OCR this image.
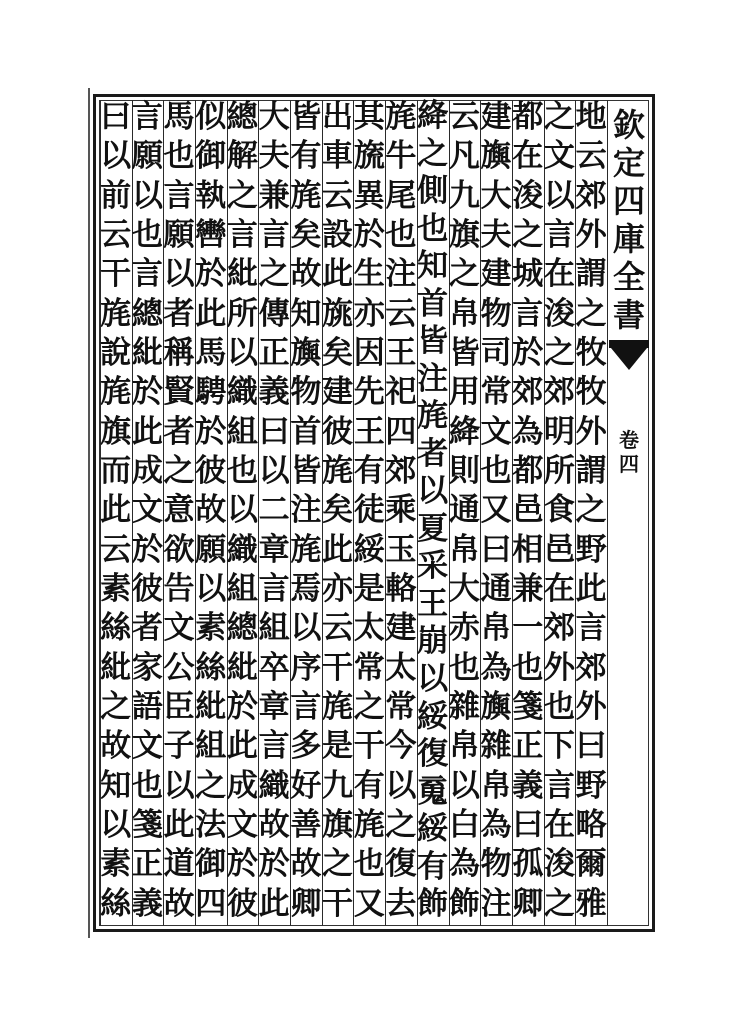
地
云
郊
外
謂
之
牧
牧
外
謂
之
野
此
言
郊
外
曰
野
略
爾
雅
之
文
以
言
在
浚
之
郊
明
所
食
邑
在
郊
外
也
下
言
在
浚
之
都
在
浚
之
城
言
於
郊
為
都
邑
相
兼
一
也
箋
正
義
曰
孤
卿
建
旟
大
夫
建
物
司
常
文
也
又
曰
通
帛
為
旟
雜
帛
為
物
注
云
凡
九
旗
之
帛
皆
用
絳
則
通
帛
大
赤
也
雜
帛
以
白
為
飾
絳
之
側
也
知
首
皆
注
旄
者
以
夏
采
王
崩
以
綏
復
䰟
綏
有
飾
旄
牛
尾
也
注
云
王
祀
四
郊
乘
玉
輅
建
太
常
今
以
之
復
去
其
旒
異
於
生
亦
因
先
王
有
徒
綏
是
太
常
之
干
有
旄
也
又
出
車
云
設
此
旐
矣
建
彼
旄
矣
此
亦
云
干
旄
是
九
旗
之
干
皆
有
旄
矣
故
知
旟
物
首
皆
注
旄
焉
以
序
言
多
好
善
故
卿
大
夫
兼
言
之
傳
正
義
曰
以
二
章
言
組
卒
章
言
織
故
於
此
總
解
之
言
紕
所
以
織
組
也
以
織
組
總
紕
於
此
成
文
於
彼
似
御
執
轡
於
此
馬
騁
於
彼
故
願
以
素
絲
紕
組
之
法
御
四
馬
也
言
願
以
者
稱
賢
者
之
意
欲
告
文
公
臣
子
以
此
道
故
言
願
以
也
言
總
紕
於
此
成
文
於
彼
者
家
語
文
也
箋
正
義
曰
以
前
云
干
旄
說
旄
旗
而
此
云
素
絲
紕
之
故
知
以
素
絲
欽
定
四
庫
全
書
卷
四
